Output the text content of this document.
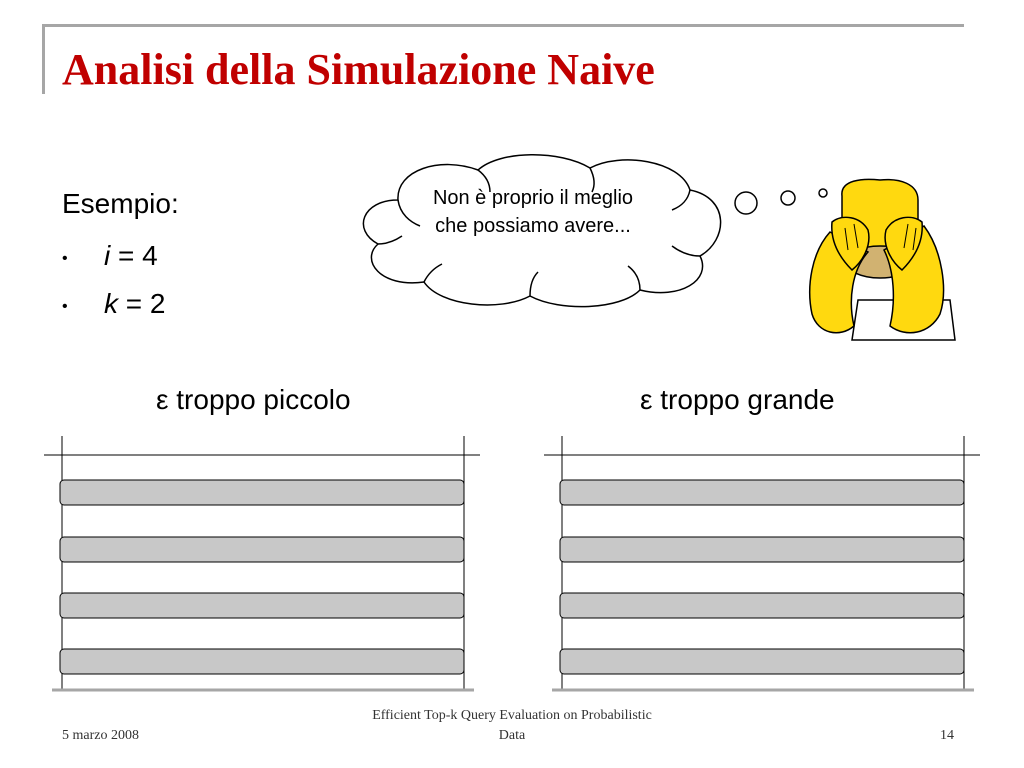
Analisi della Simulazione Naive
Esempio:
• i = 4
• k = 2
Non è proprio il meglio che possiamo avere...
ε troppo piccolo	ε troppo grande
5 marzo 2008
Efficient Top-k Query Evaluation on Probabilistic Data	14
